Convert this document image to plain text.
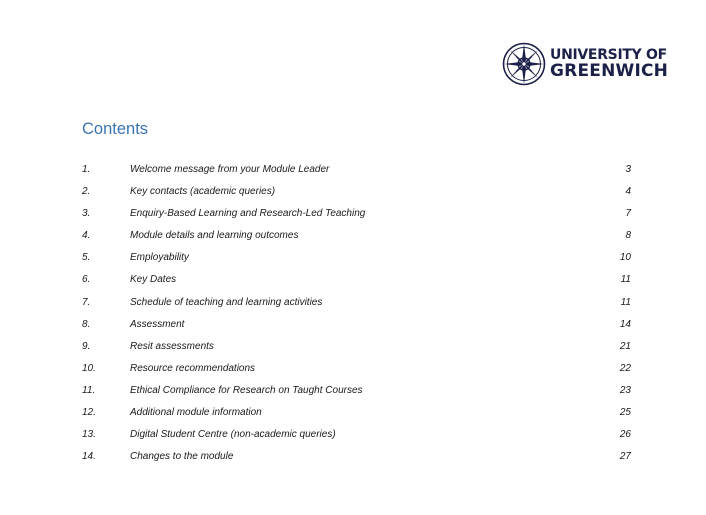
UNIVERSITY OF
GREENWICH
Contents
1.	Welcome message from your Module Leader	3
2.	Key contacts (academic queries)	4
3.	Enquiry-Based Learning and Research-Led Teaching	7
4.	Module details and learning outcomes	8
5.	Employability	10
6.	Key Dates	11
7.	Schedule of teaching and learning activities	11
8.	Assessment	14
9.	Resit assessments	21
10.	Resource recommendations	22
11.	Ethical Compliance for Research on Taught Courses	23
12.	Additional module information	25
13.	Digital Student Centre (non-academic queries)	26
14.	Changes to the module	27
